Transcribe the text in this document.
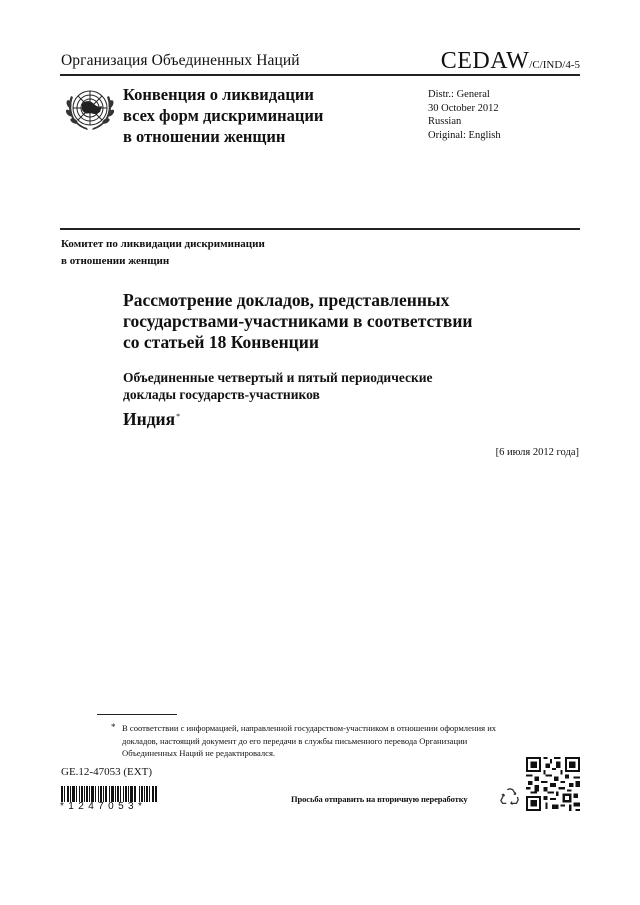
Организация Объединенных Наций	CEDAW/C/IND/4-5
Конвенция о ликвидации
всех форм дискриминации
в отношении женщин
Distr.: General
30 October 2012
Russian
Original: English
Комитет по ликвидации дискриминации
в отношении женщин
Рассмотрение докладов, представленных
государствами-участниками в соответствии
со статьей 18 Конвенции
Объединенные четвертый и пятый периодические
доклады государств-участников
Индия*
[6 июля 2012 года]
* В соответствии с информацией, направленной государством-участником в отношении оформления их докладов, настоящий документ до его передачи в службы письменного перевода Организации Объединенных Наций не редактировался.
GE.12-47053 (EXT)
*1247053*
Просьба отправить на вторичную переработку
